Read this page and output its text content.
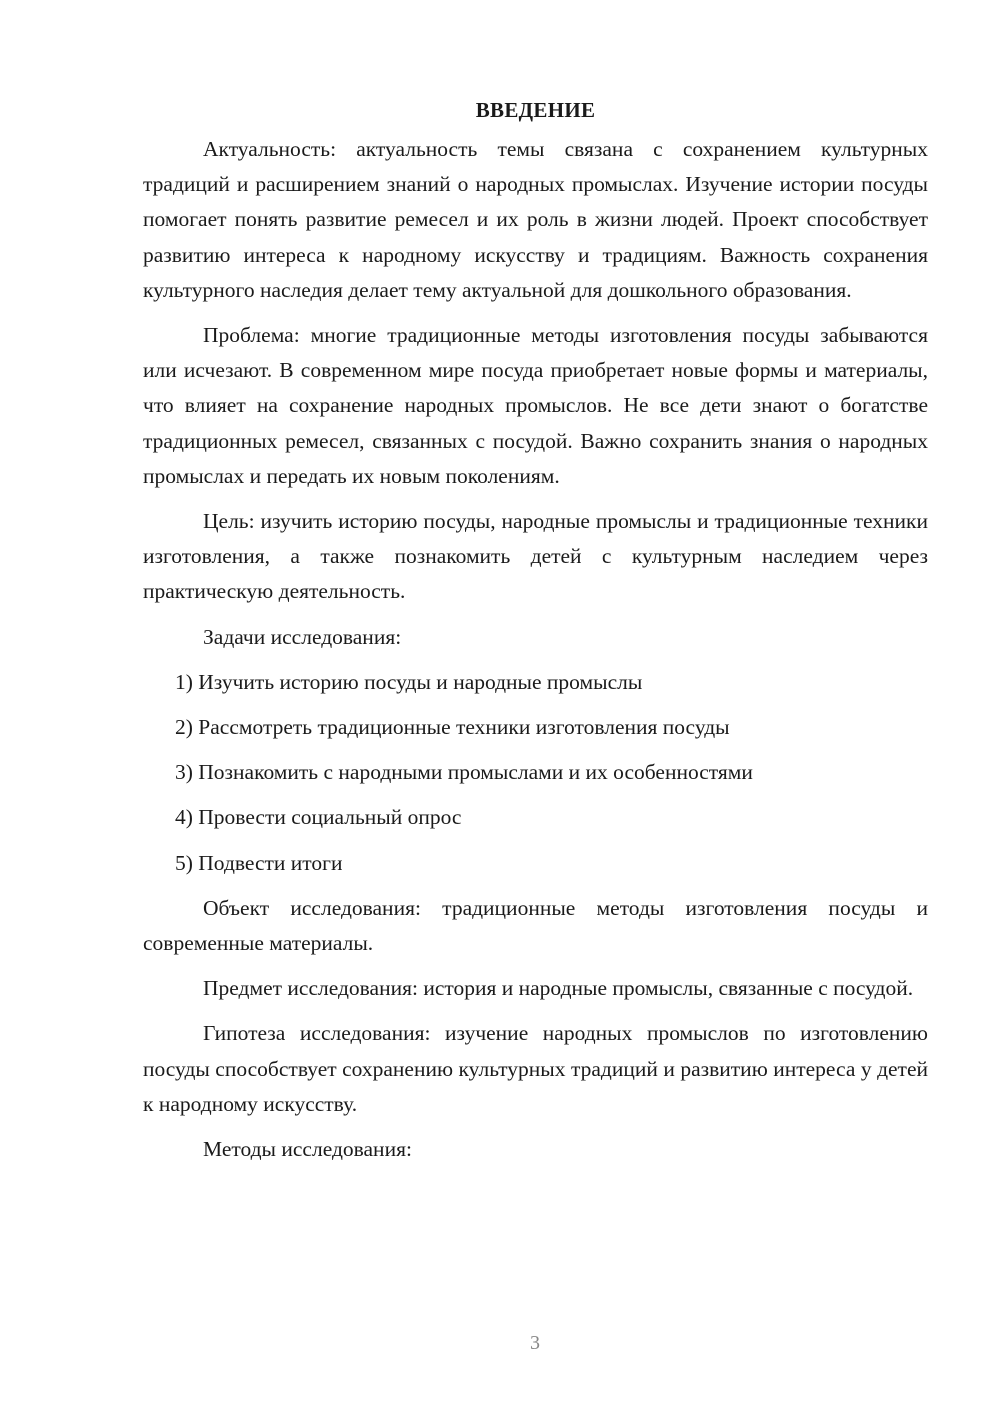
ВВЕДЕНИЕ

Актуальность: актуальность темы связана с сохранением культурных традиций и расширением знаний о народных промыслах. Изучение истории посуды помогает понять развитие ремесел и их роль в жизни людей. Проект способствует развитию интереса к народному искусству и традициям. Важность сохранения культурного наследия делает тему актуальной для дошкольного образования.

Проблема: многие традиционные методы изготовления посуды забываются или исчезают. В современном мире посуда приобретает новые формы и материалы, что влияет на сохранение народных промыслов. Не все дети знают о богатстве традиционных ремесел, связанных с посудой. Важно сохранить знания о народных промыслах и передать их новым поколениям.

Цель: изучить историю посуды, народные промыслы и традиционные техники изготовления, а также познакомить детей с культурным наследием через практическую деятельность.

Задачи исследования:

1) Изучить историю посуды и народные промыслы
2) Рассмотреть традиционные техники изготовления посуды
3) Познакомить с народными промыслами и их особенностями
4) Провести социальный опрос
5) Подвести итоги

Объект исследования: традиционные методы изготовления посуды и современные материалы.

Предмет исследования: история и народные промыслы, связанные с посудой.

Гипотеза исследования: изучение народных промыслов по изготовлению посуды способствует сохранению культурных традиций и развитию интереса у детей к народному искусству.

Методы исследования:

3
